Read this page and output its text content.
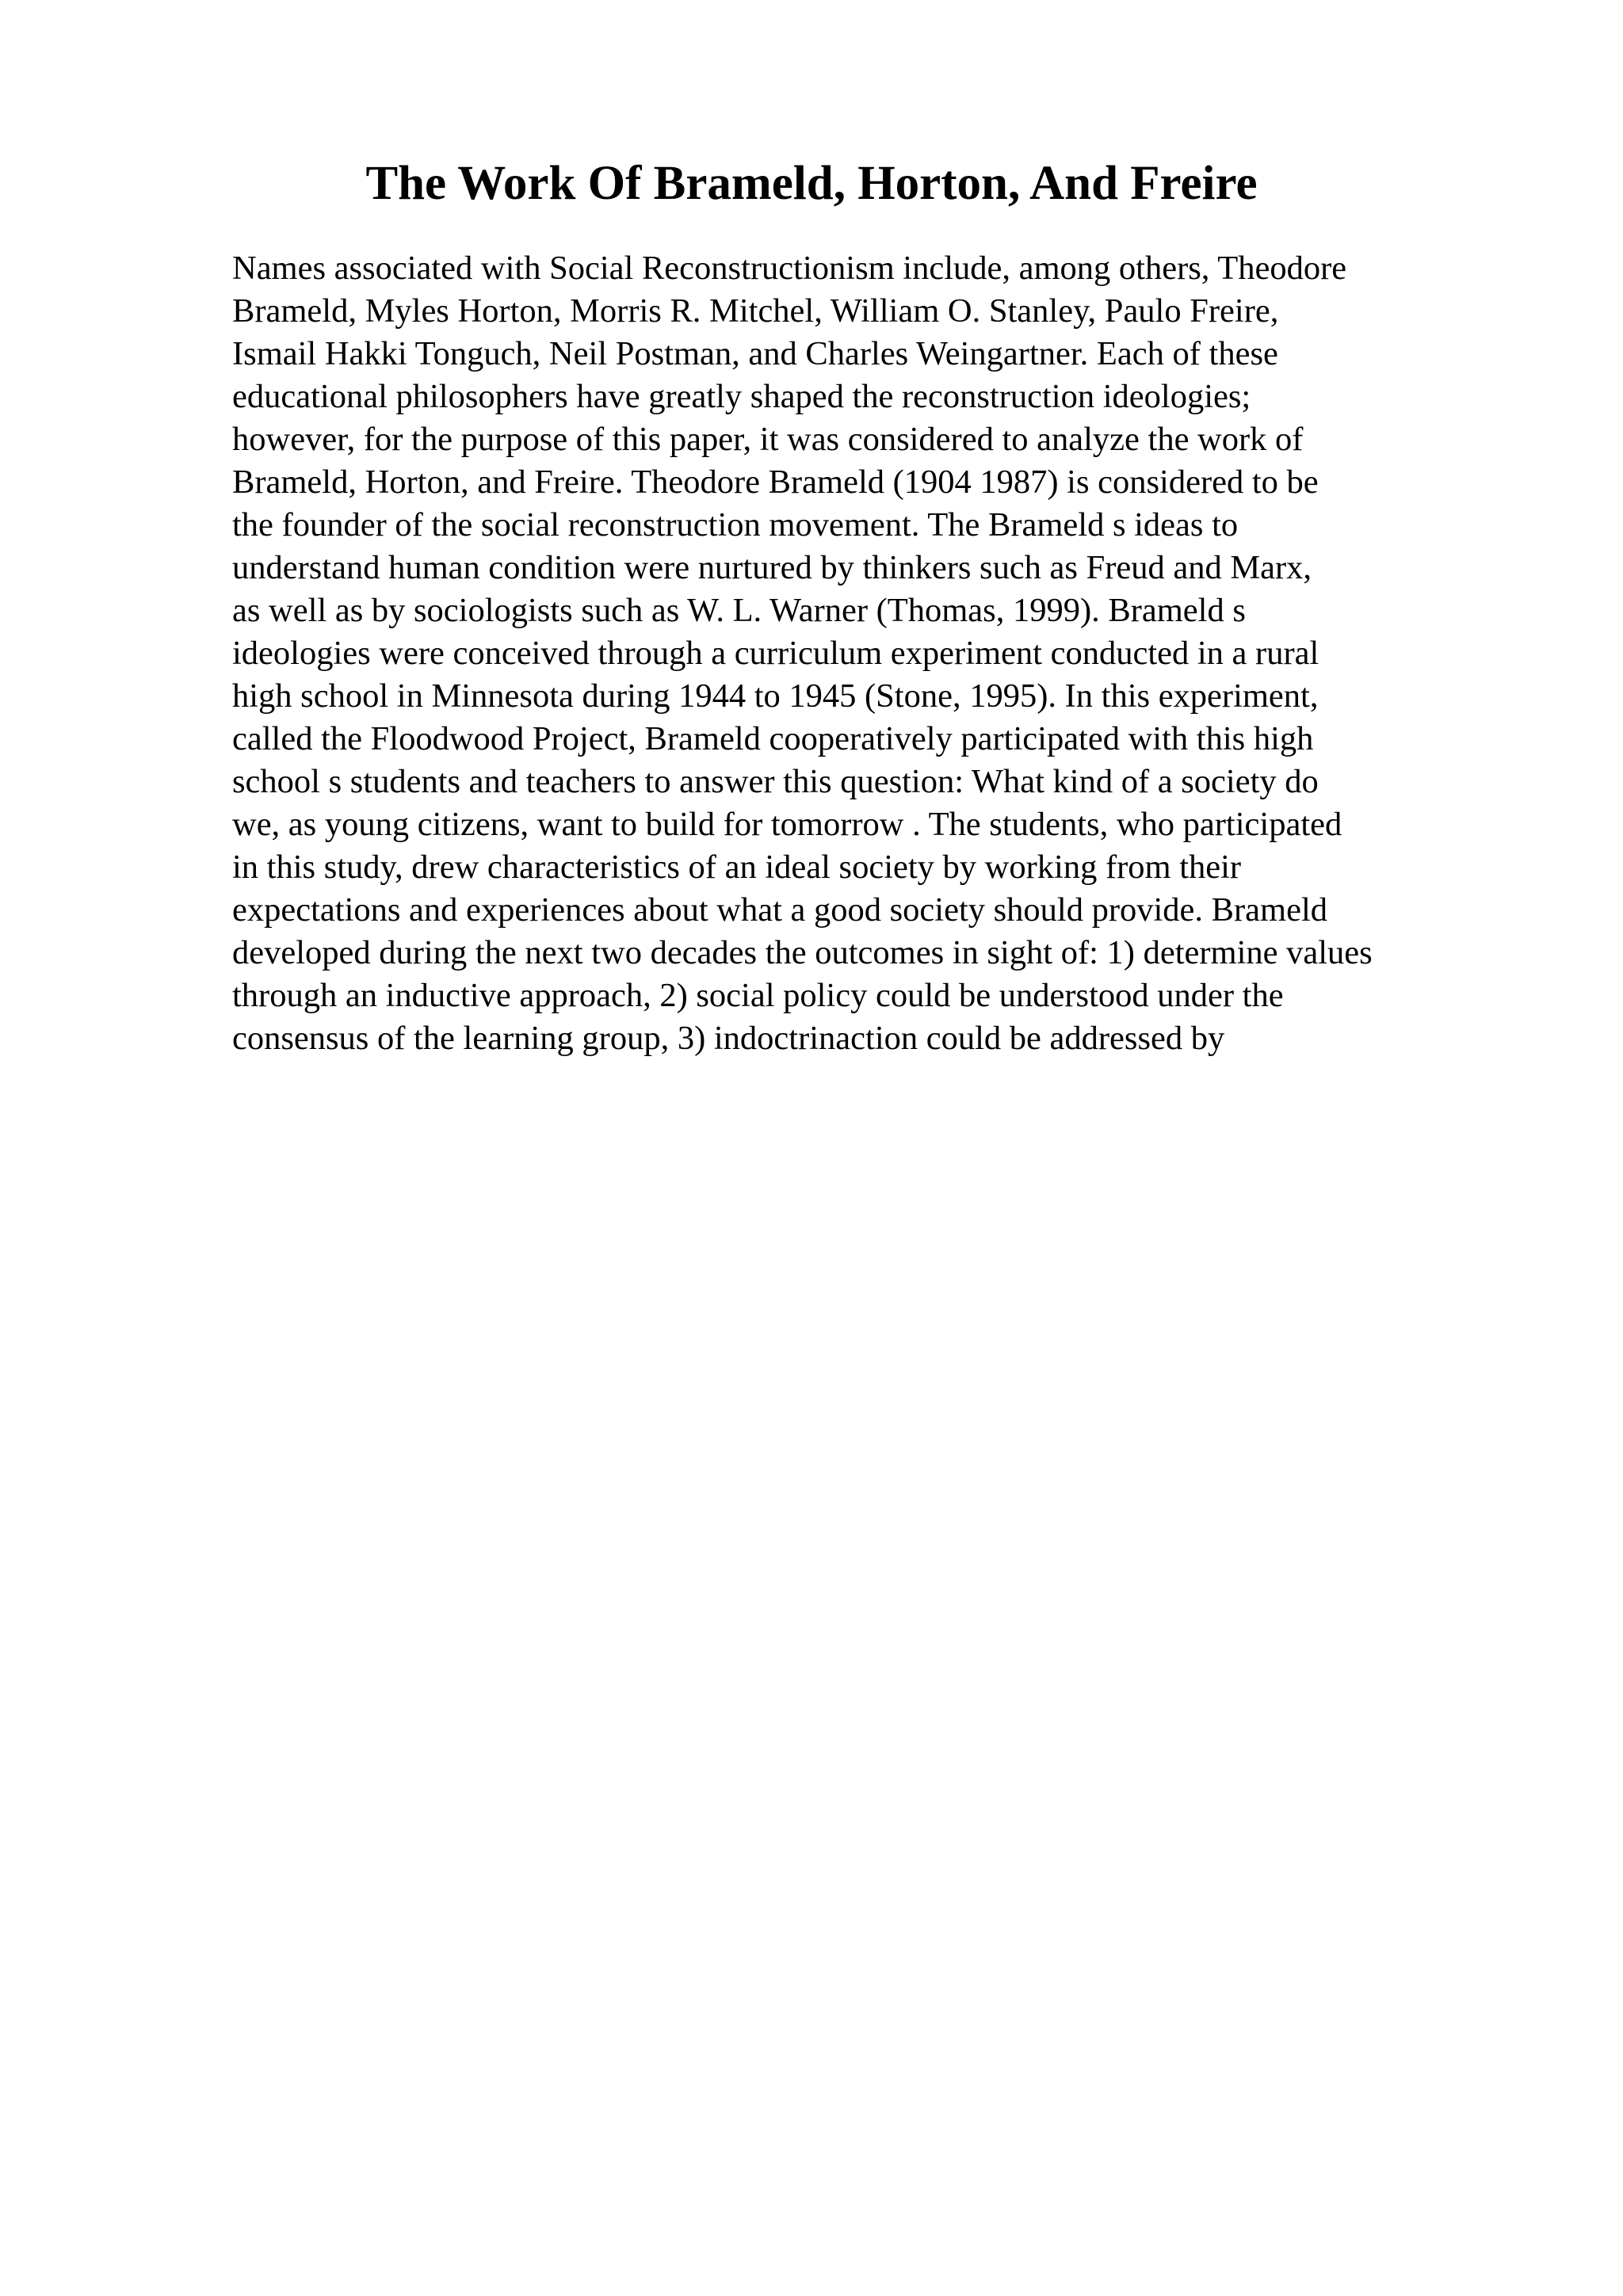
The Work Of Brameld, Horton, And Freire
Names associated with Social Reconstructionism include, among others, Theodore
Brameld, Myles Horton, Morris R. Mitchel, William O. Stanley, Paulo Freire,
Ismail Hakki Tonguch, Neil Postman, and Charles Weingartner. Each of these
educational philosophers have greatly shaped the reconstruction ideologies;
however, for the purpose of this paper, it was considered to analyze the work of
Brameld, Horton, and Freire. Theodore Brameld (1904 1987) is considered to be
the founder of the social reconstruction movement. The Brameld s ideas to
understand human condition were nurtured by thinkers such as Freud and Marx,
as well as by sociologists such as W. L. Warner (Thomas, 1999). Brameld s
ideologies were conceived through a curriculum experiment conducted in a rural
high school in Minnesota during 1944 to 1945 (Stone, 1995). In this experiment,
called the Floodwood Project, Brameld cooperatively participated with this high
school s students and teachers to answer this question: What kind of a society do
we, as young citizens, want to build for tomorrow . The students, who participated
in this study, drew characteristics of an ideal society by working from their
expectations and experiences about what a good society should provide. Brameld
developed during the next two decades the outcomes in sight of: 1) determine values
through an inductive approach, 2) social policy could be understood under the
consensus of the learning group, 3) indoctrinaction could be addressed by
